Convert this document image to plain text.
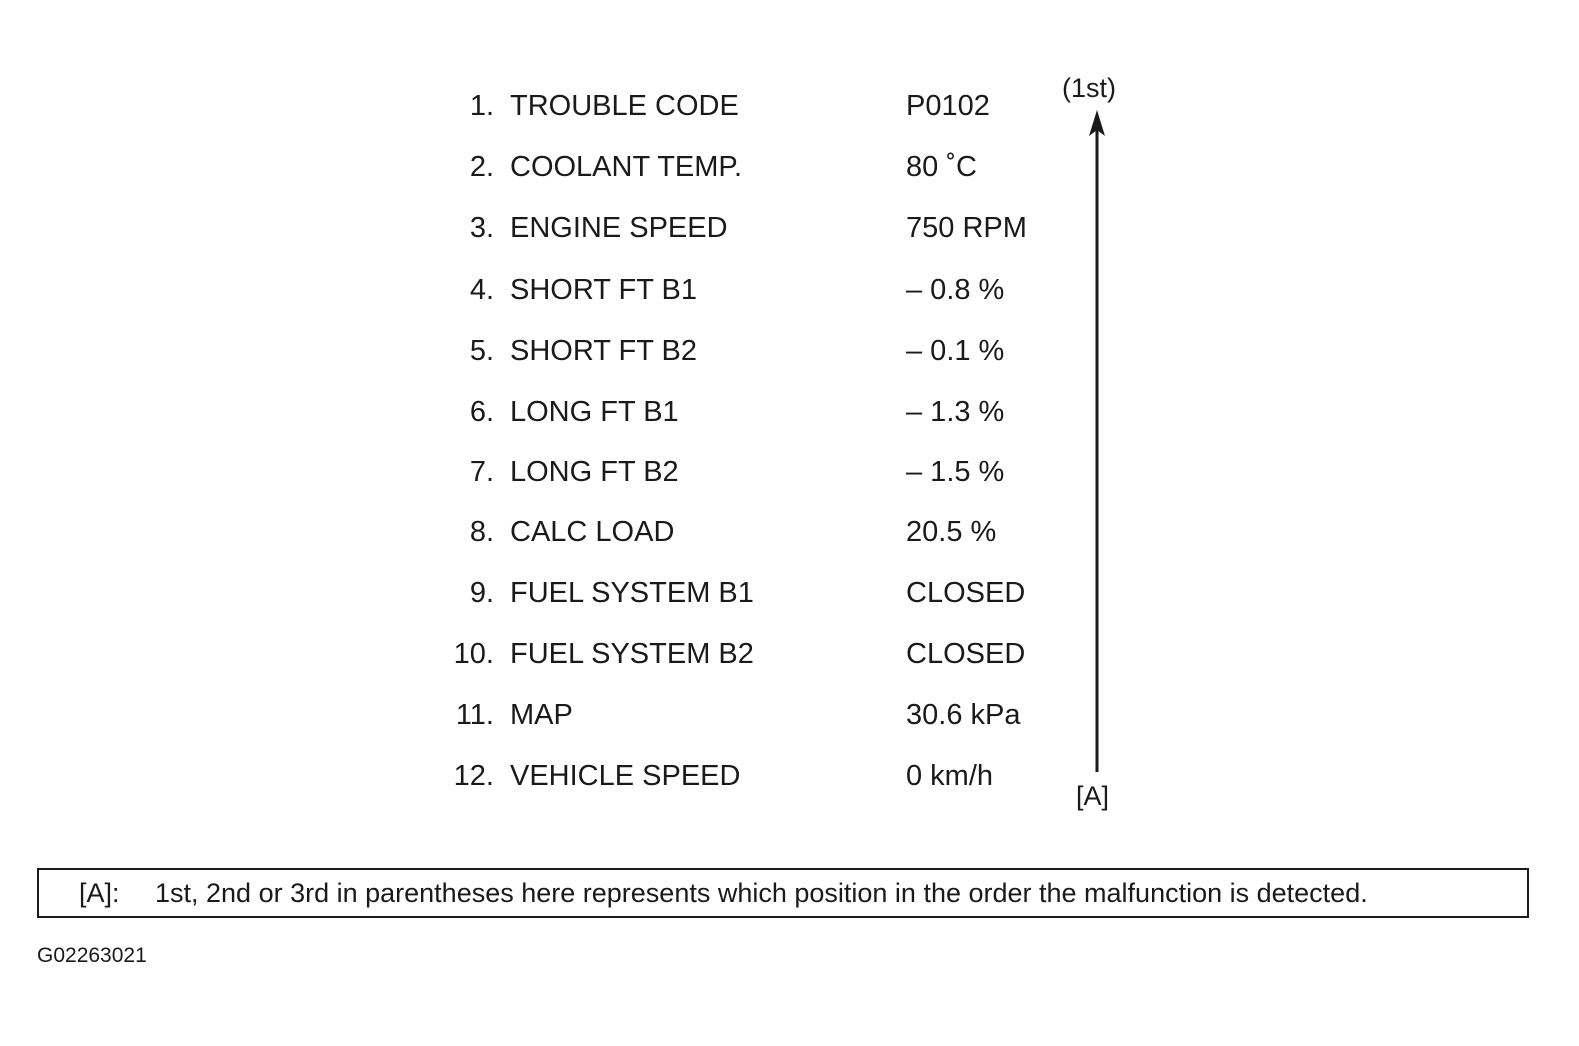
1. TROUBLE CODE	P0102
2. COOLANT TEMP.	80 ˚C
3. ENGINE SPEED	750 RPM
4. SHORT FT B1	– 0.8 %
5. SHORT FT B2	– 0.1 %
6. LONG FT B1	– 1.3 %
7. LONG FT B2	– 1.5 %
8. CALC LOAD	20.5 %
9. FUEL SYSTEM B1	CLOSED
10. FUEL SYSTEM B2	CLOSED
11. MAP	30.6 kPa
12. VEHICLE SPEED	0 km/h
(1st)
[A]
[A]: 1st, 2nd or 3rd in parentheses here represents which position in the order the malfunction is detected.
G02263021
